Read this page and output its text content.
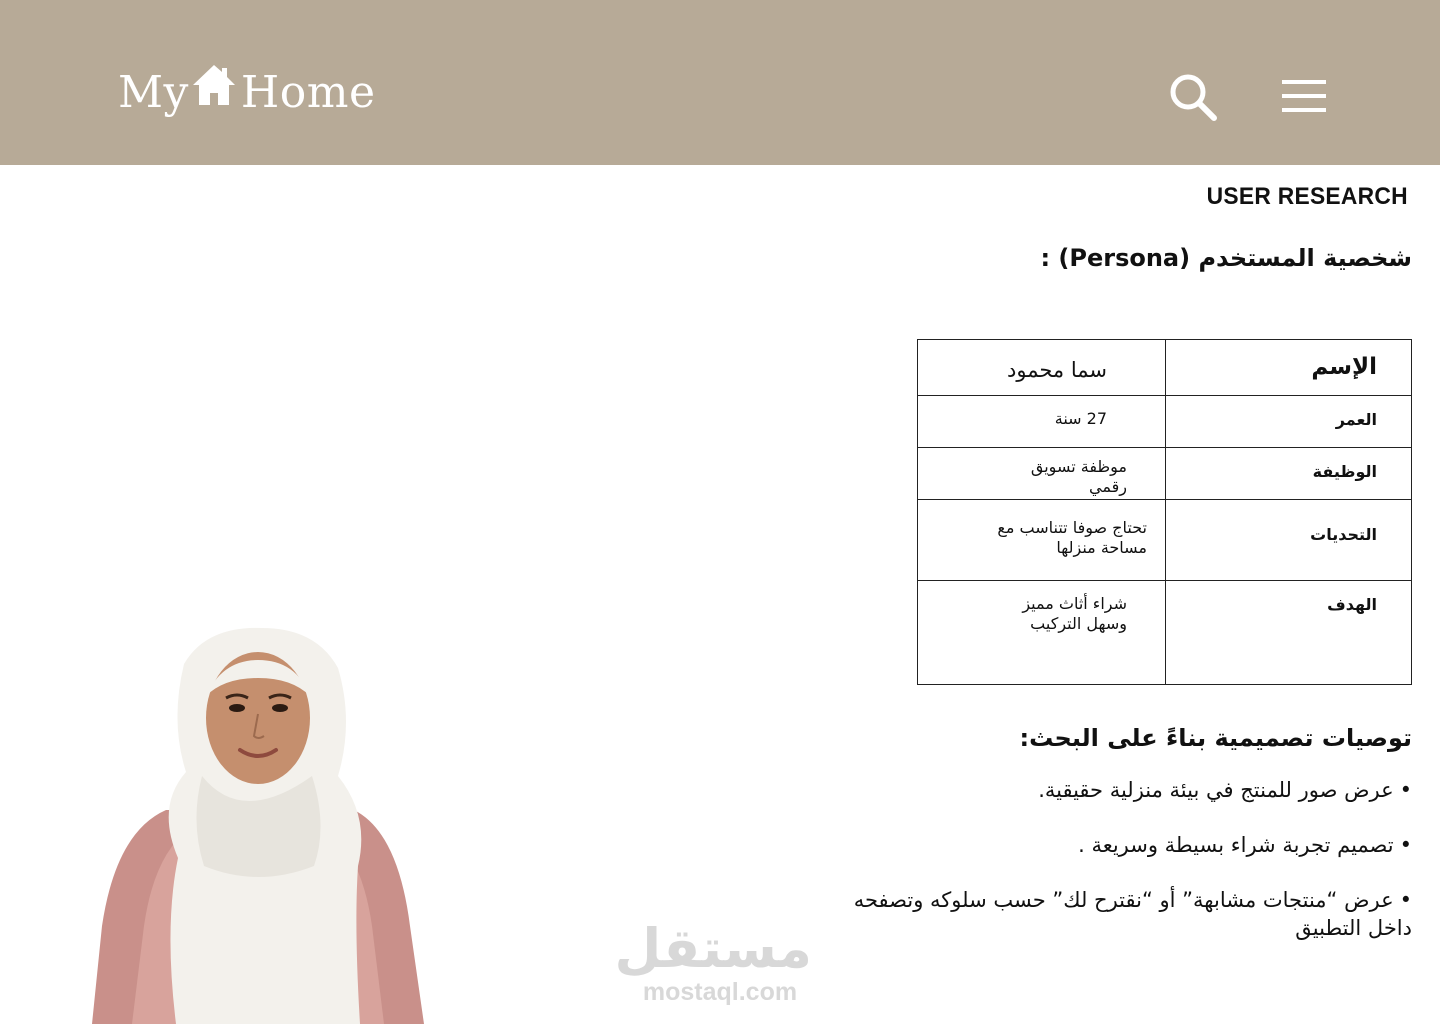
My Home
USER RESEARCH
شخصية المستخدم (Persona) :
الإسم	سما محمود
العمر	27 سنة
الوظيفة	موظفة تسويق رقمي
التحديات	تحتاج صوفا تتناسب مع مساحة منزلها
الهدف	شراء أثاث مميز وسهل التركيب
توصيات تصميمية بناءً على البحث:
•عرض صور للمنتج في بيئة منزلية حقيقية.
•تصميم تجربة شراء بسيطة وسريعة .
•عرض “منتجات مشابهة” أو “نقترح لك” حسب سلوكه وتصفحه داخل التطبيق
مستقل
mostaql.com
